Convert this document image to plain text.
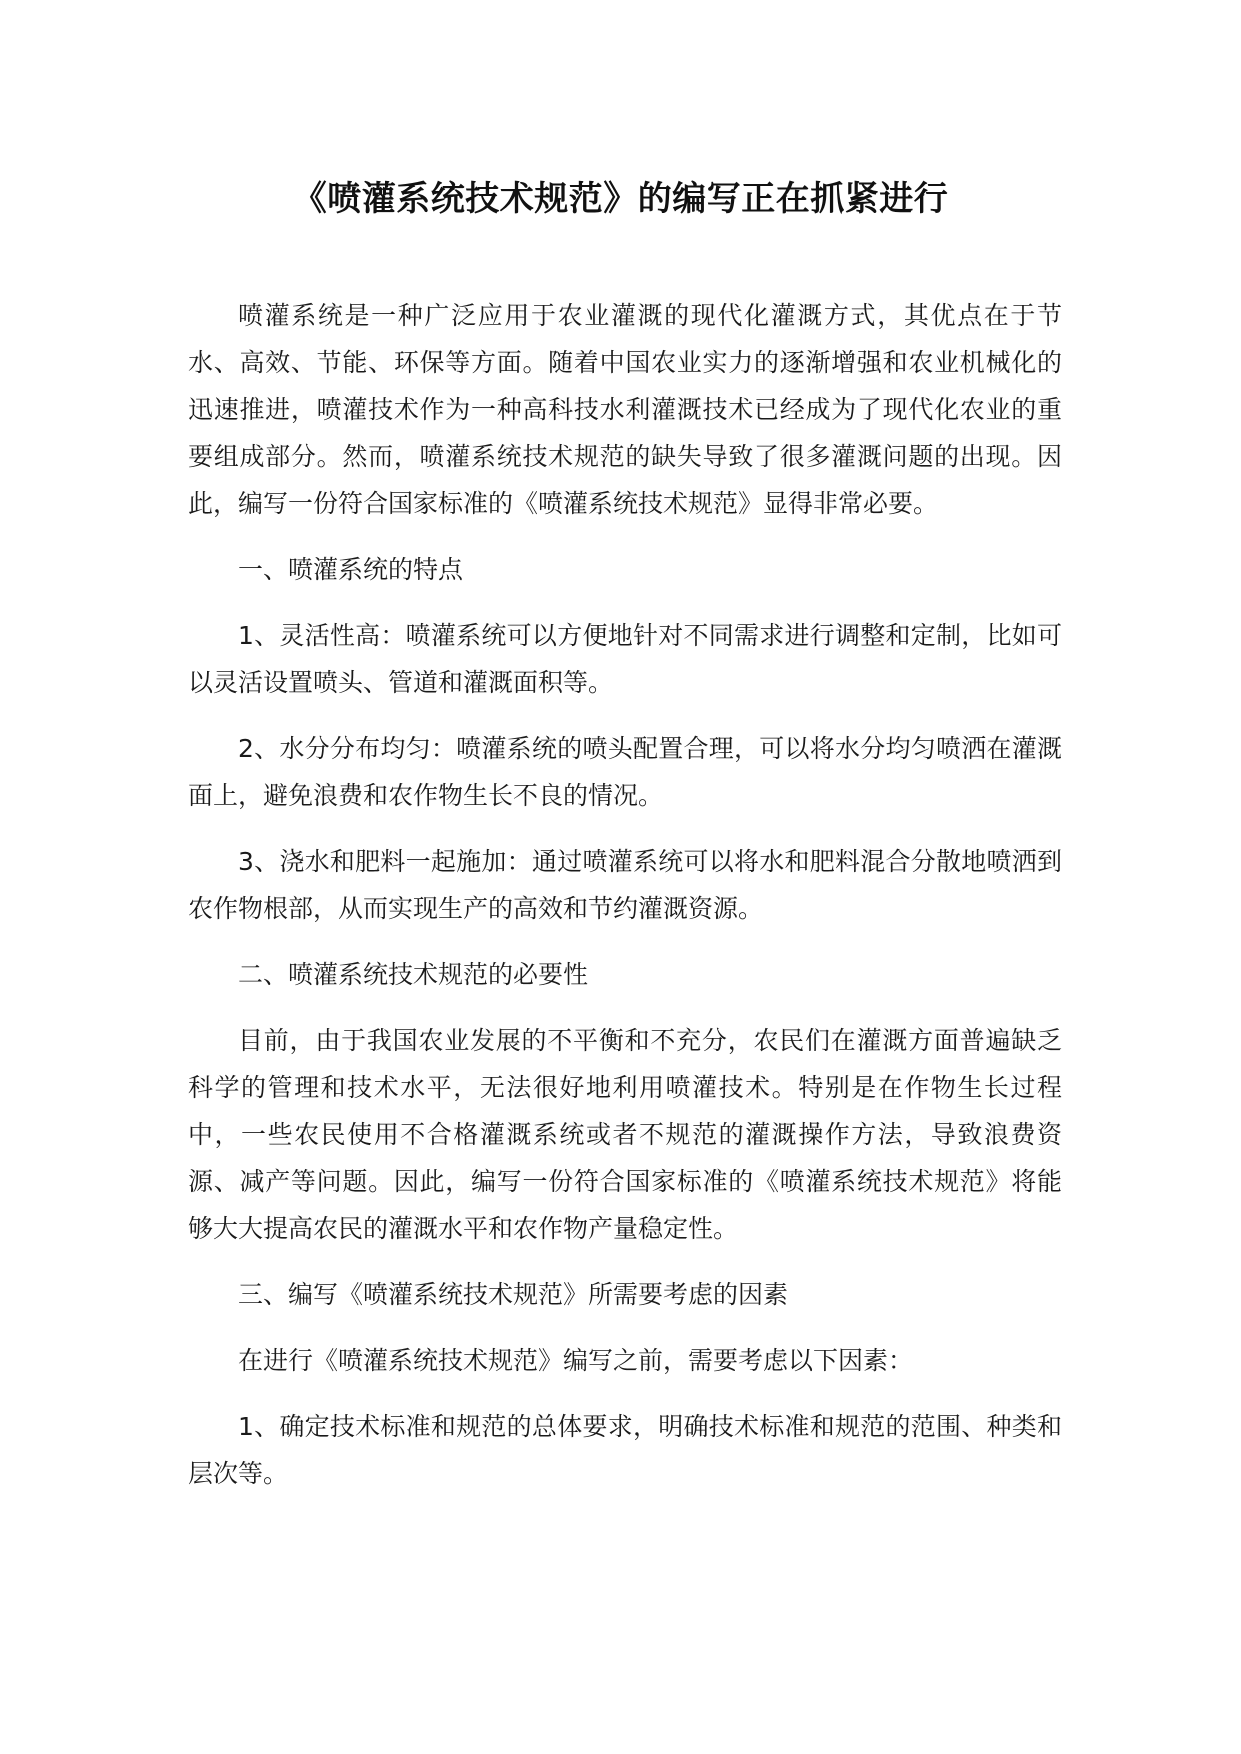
《喷灌系统技术规范》的编写正在抓紧进行

喷灌系统是一种广泛应用于农业灌溉的现代化灌溉方式，其优点在于节水、高效、节能、环保等方面。随着中国农业实力的逐渐增强和农业机械化的迅速推进，喷灌技术作为一种高科技水利灌溉技术已经成为了现代化农业的重要组成部分。然而，喷灌系统技术规范的缺失导致了很多灌溉问题的出现。因此，编写一份符合国家标准的《喷灌系统技术规范》显得非常必要。

一、喷灌系统的特点

1、灵活性高：喷灌系统可以方便地针对不同需求进行调整和定制，比如可以灵活设置喷头、管道和灌溉面积等。

2、水分分布均匀：喷灌系统的喷头配置合理，可以将水分均匀喷洒在灌溉面上，避免浪费和农作物生长不良的情况。

3、浇水和肥料一起施加：通过喷灌系统可以将水和肥料混合分散地喷洒到农作物根部，从而实现生产的高效和节约灌溉资源。

二、喷灌系统技术规范的必要性

目前，由于我国农业发展的不平衡和不充分，农民们在灌溉方面普遍缺乏科学的管理和技术水平，无法很好地利用喷灌技术。特别是在作物生长过程中，一些农民使用不合格灌溉系统或者不规范的灌溉操作方法，导致浪费资源、减产等问题。因此，编写一份符合国家标准的《喷灌系统技术规范》将能够大大提高农民的灌溉水平和农作物产量稳定性。

三、编写《喷灌系统技术规范》所需要考虑的因素

在进行《喷灌系统技术规范》编写之前，需要考虑以下因素：

1、确定技术标准和规范的总体要求，明确技术标准和规范的范围、种类和层次等。
